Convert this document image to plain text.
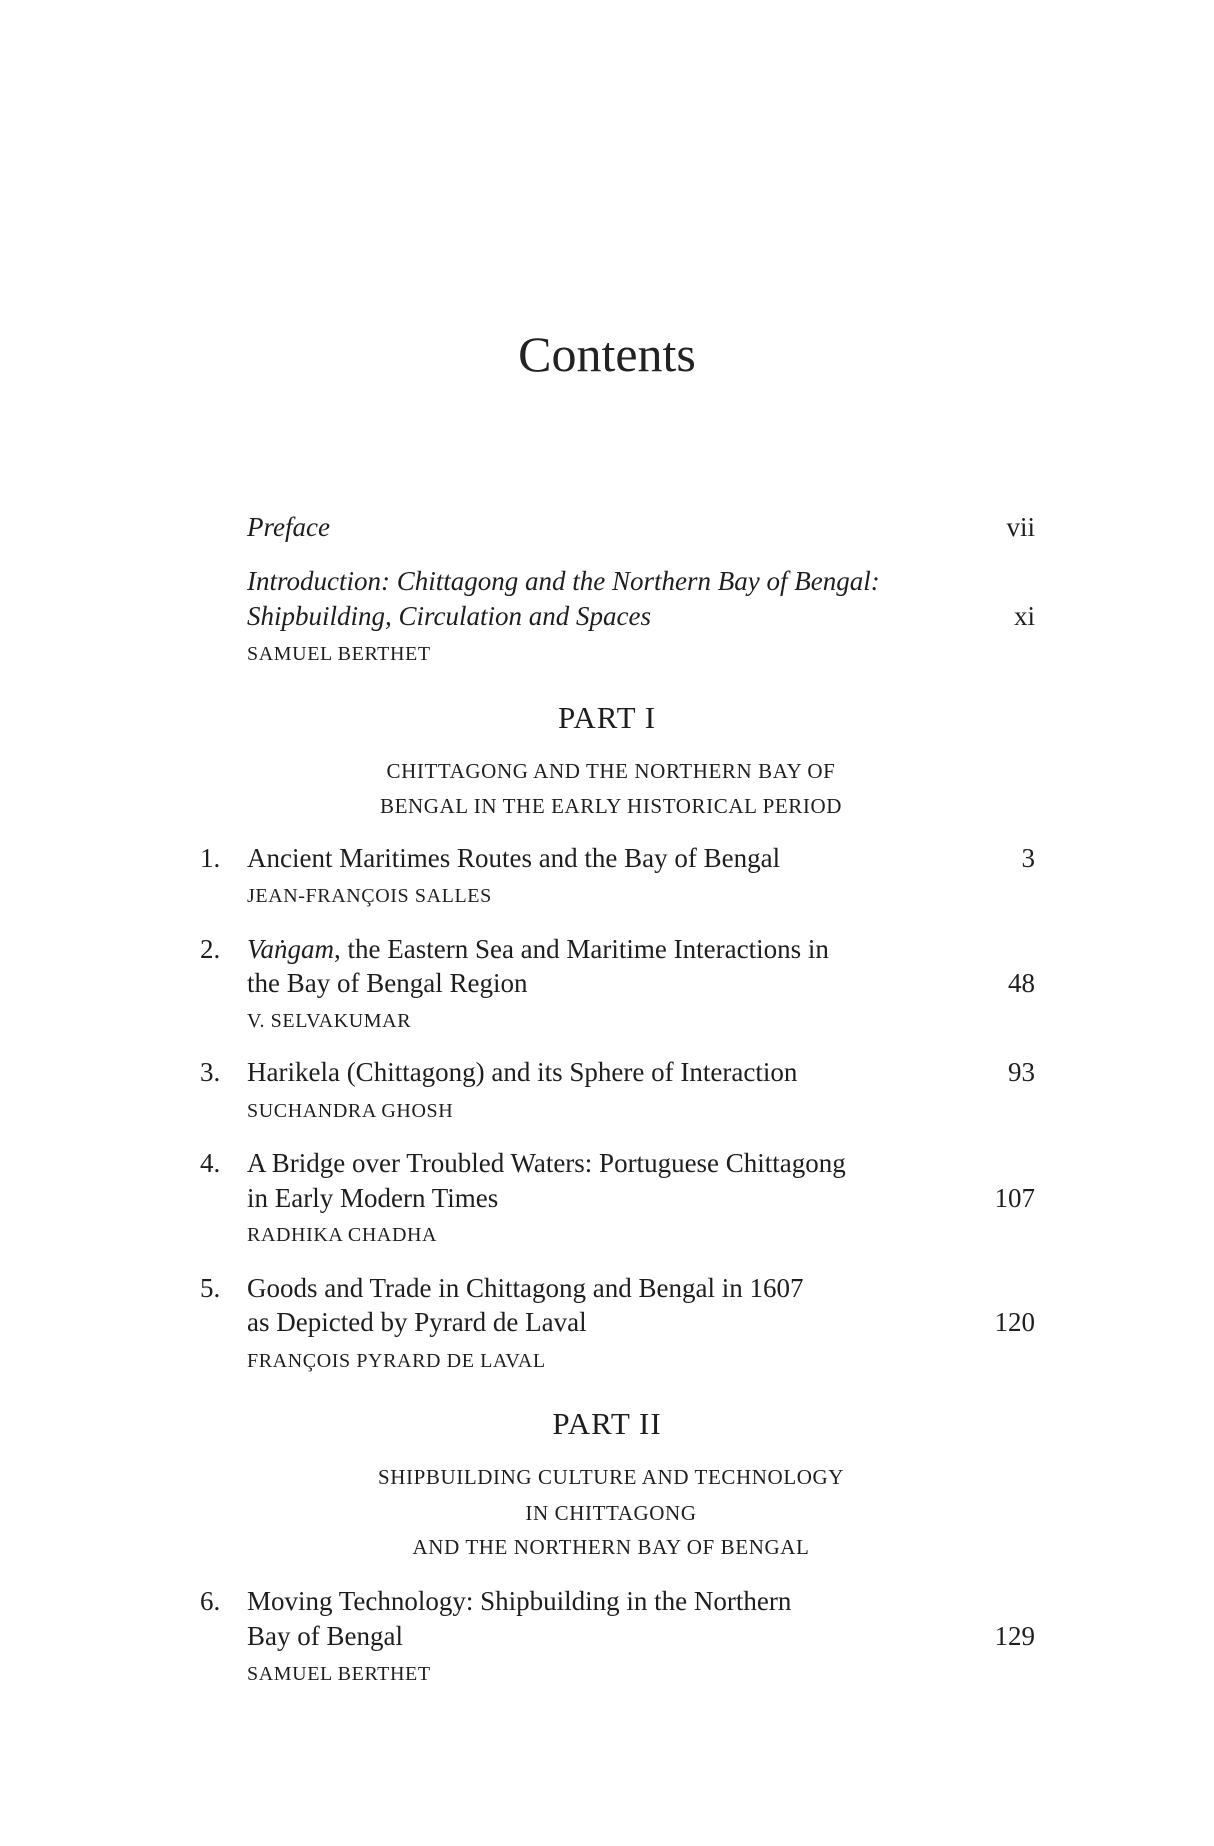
Contents
Preface	vii
Introduction: Chittagong and the Northern Bay of Bengal:
Shipbuilding, Circulation and Spaces	xi
SAMUEL BERTHET
PART I
CHITTAGONG AND THE NORTHERN BAY OF
BENGAL IN THE EARLY HISTORICAL PERIOD
1. Ancient Maritimes Routes and the Bay of Bengal	3
JEAN-FRANÇOIS SALLES
2. Vaṅgam, the Eastern Sea and Maritime Interactions in
the Bay of Bengal Region	48
V. SELVAKUMAR
3. Harikela (Chittagong) and its Sphere of Interaction	93
SUCHANDRA GHOSH
4. A Bridge over Troubled Waters: Portuguese Chittagong
in Early Modern Times	107
RADHIKA CHADHA
5. Goods and Trade in Chittagong and Bengal in 1607
as Depicted by Pyrard de Laval	120
FRANÇOIS PYRARD DE LAVAL
PART II
SHIPBUILDING CULTURE AND TECHNOLOGY
IN CHITTAGONG
AND THE NORTHERN BAY OF BENGAL
6. Moving Technology: Shipbuilding in the Northern
Bay of Bengal	129
SAMUEL BERTHET
